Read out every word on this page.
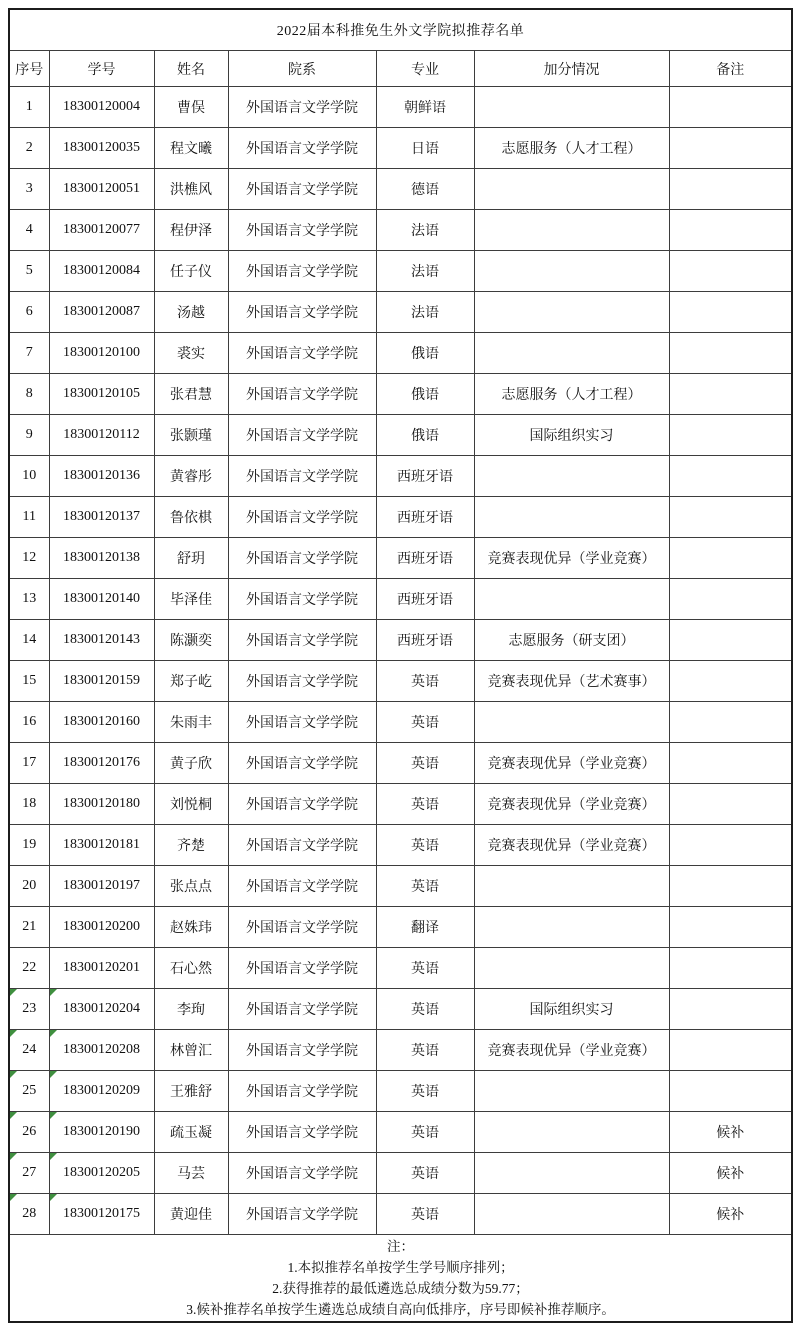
2022届本科推免生外文学院拟推荐名单						
序号	学号	姓名	院系	专业	加分情况	备注
1	18300120004	曹俣	外国语言文学学院	朝鲜语		
2	18300120035	程文曦	外国语言文学学院	日语	志愿服务（人才工程）	
3	18300120051	洪樵风	外国语言文学学院	德语		
4	18300120077	程伊泽	外国语言文学学院	法语		
5	18300120084	任子仪	外国语言文学学院	法语		
6	18300120087	汤越	外国语言文学学院	法语		
7	18300120100	裘实	外国语言文学学院	俄语		
8	18300120105	张君慧	外国语言文学学院	俄语	志愿服务（人才工程）	
9	18300120112	张颢瑾	外国语言文学学院	俄语	国际组织实习	
10	18300120136	黄睿彤	外国语言文学学院	西班牙语		
11	18300120137	鲁依棋	外国语言文学学院	西班牙语		
12	18300120138	舒玥	外国语言文学学院	西班牙语	竞赛表现优异（学业竞赛）	
13	18300120140	毕泽佳	外国语言文学学院	西班牙语		
14	18300120143	陈灏奕	外国语言文学学院	西班牙语	志愿服务（研支团）	
15	18300120159	郑子屹	外国语言文学学院	英语	竞赛表现优异（艺术赛事）	
16	18300120160	朱雨丰	外国语言文学学院	英语		
17	18300120176	黄子欣	外国语言文学学院	英语	竞赛表现优异（学业竞赛）	
18	18300120180	刘悦桐	外国语言文学学院	英语	竞赛表现优异（学业竞赛）	
19	18300120181	齐楚	外国语言文学学院	英语	竞赛表现优异（学业竞赛）	
20	18300120197	张点点	外国语言文学学院	英语		
21	18300120200	赵姝玮	外国语言文学学院	翻译		
22	18300120201	石心然	外国语言文学学院	英语		
23	18300120204	李珣	外国语言文学学院	英语	国际组织实习	
24	18300120208	林曾汇	外国语言文学学院	英语	竞赛表现优异（学业竞赛）	
25	18300120209	王雅舒	外国语言文学学院	英语		
26	18300120190	疏玉凝	外国语言文学学院	英语		候补
27	18300120205	马芸	外国语言文学学院	英语		候补
28	18300120175	黄迎佳	外国语言文学学院	英语		候补

注：
1.本拟推荐名单按学生学号顺序排列；
2.获得推荐的最低遴选总成绩分数为59.77；
3.候补推荐名单按学生遴选总成绩自高向低排序，序号即候补推荐顺序。						
